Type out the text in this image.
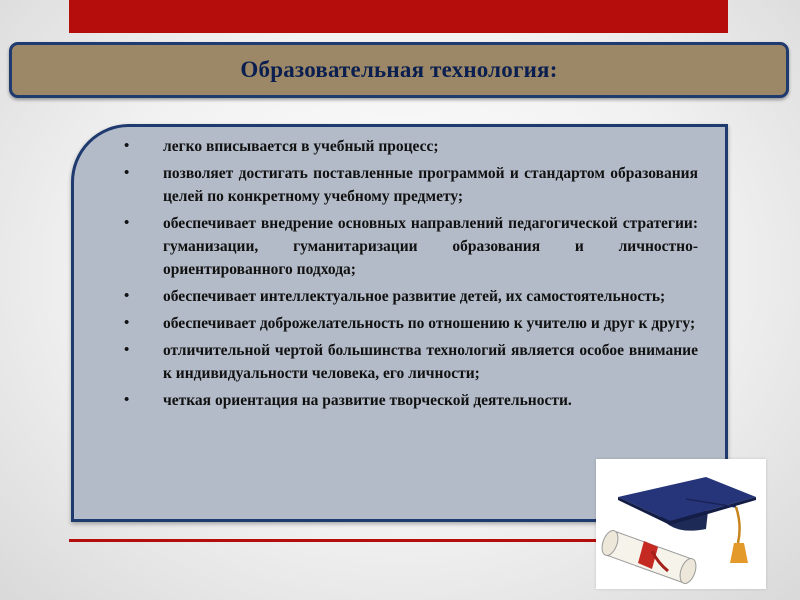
Образовательная технология:
• легко вписывается в учебный процесс;
• позволяет достигать поставленные программой и стандартом образования целей по конкретному учебному предмету;
• обеспечивает внедрение основных направлений педагогической стратегии: гуманизации, гуманитаризации образования и личностно-ориентированного подхода;
• обеспечивает интеллектуальное развитие детей, их самостоятельность;
• обеспечивает доброжелательность по отношению к учителю и друг к другу;
• отличительной чертой большинства технологий является особое внимание к индивидуальности человека, его личности;
• четкая ориентация на развитие творческой деятельности.
